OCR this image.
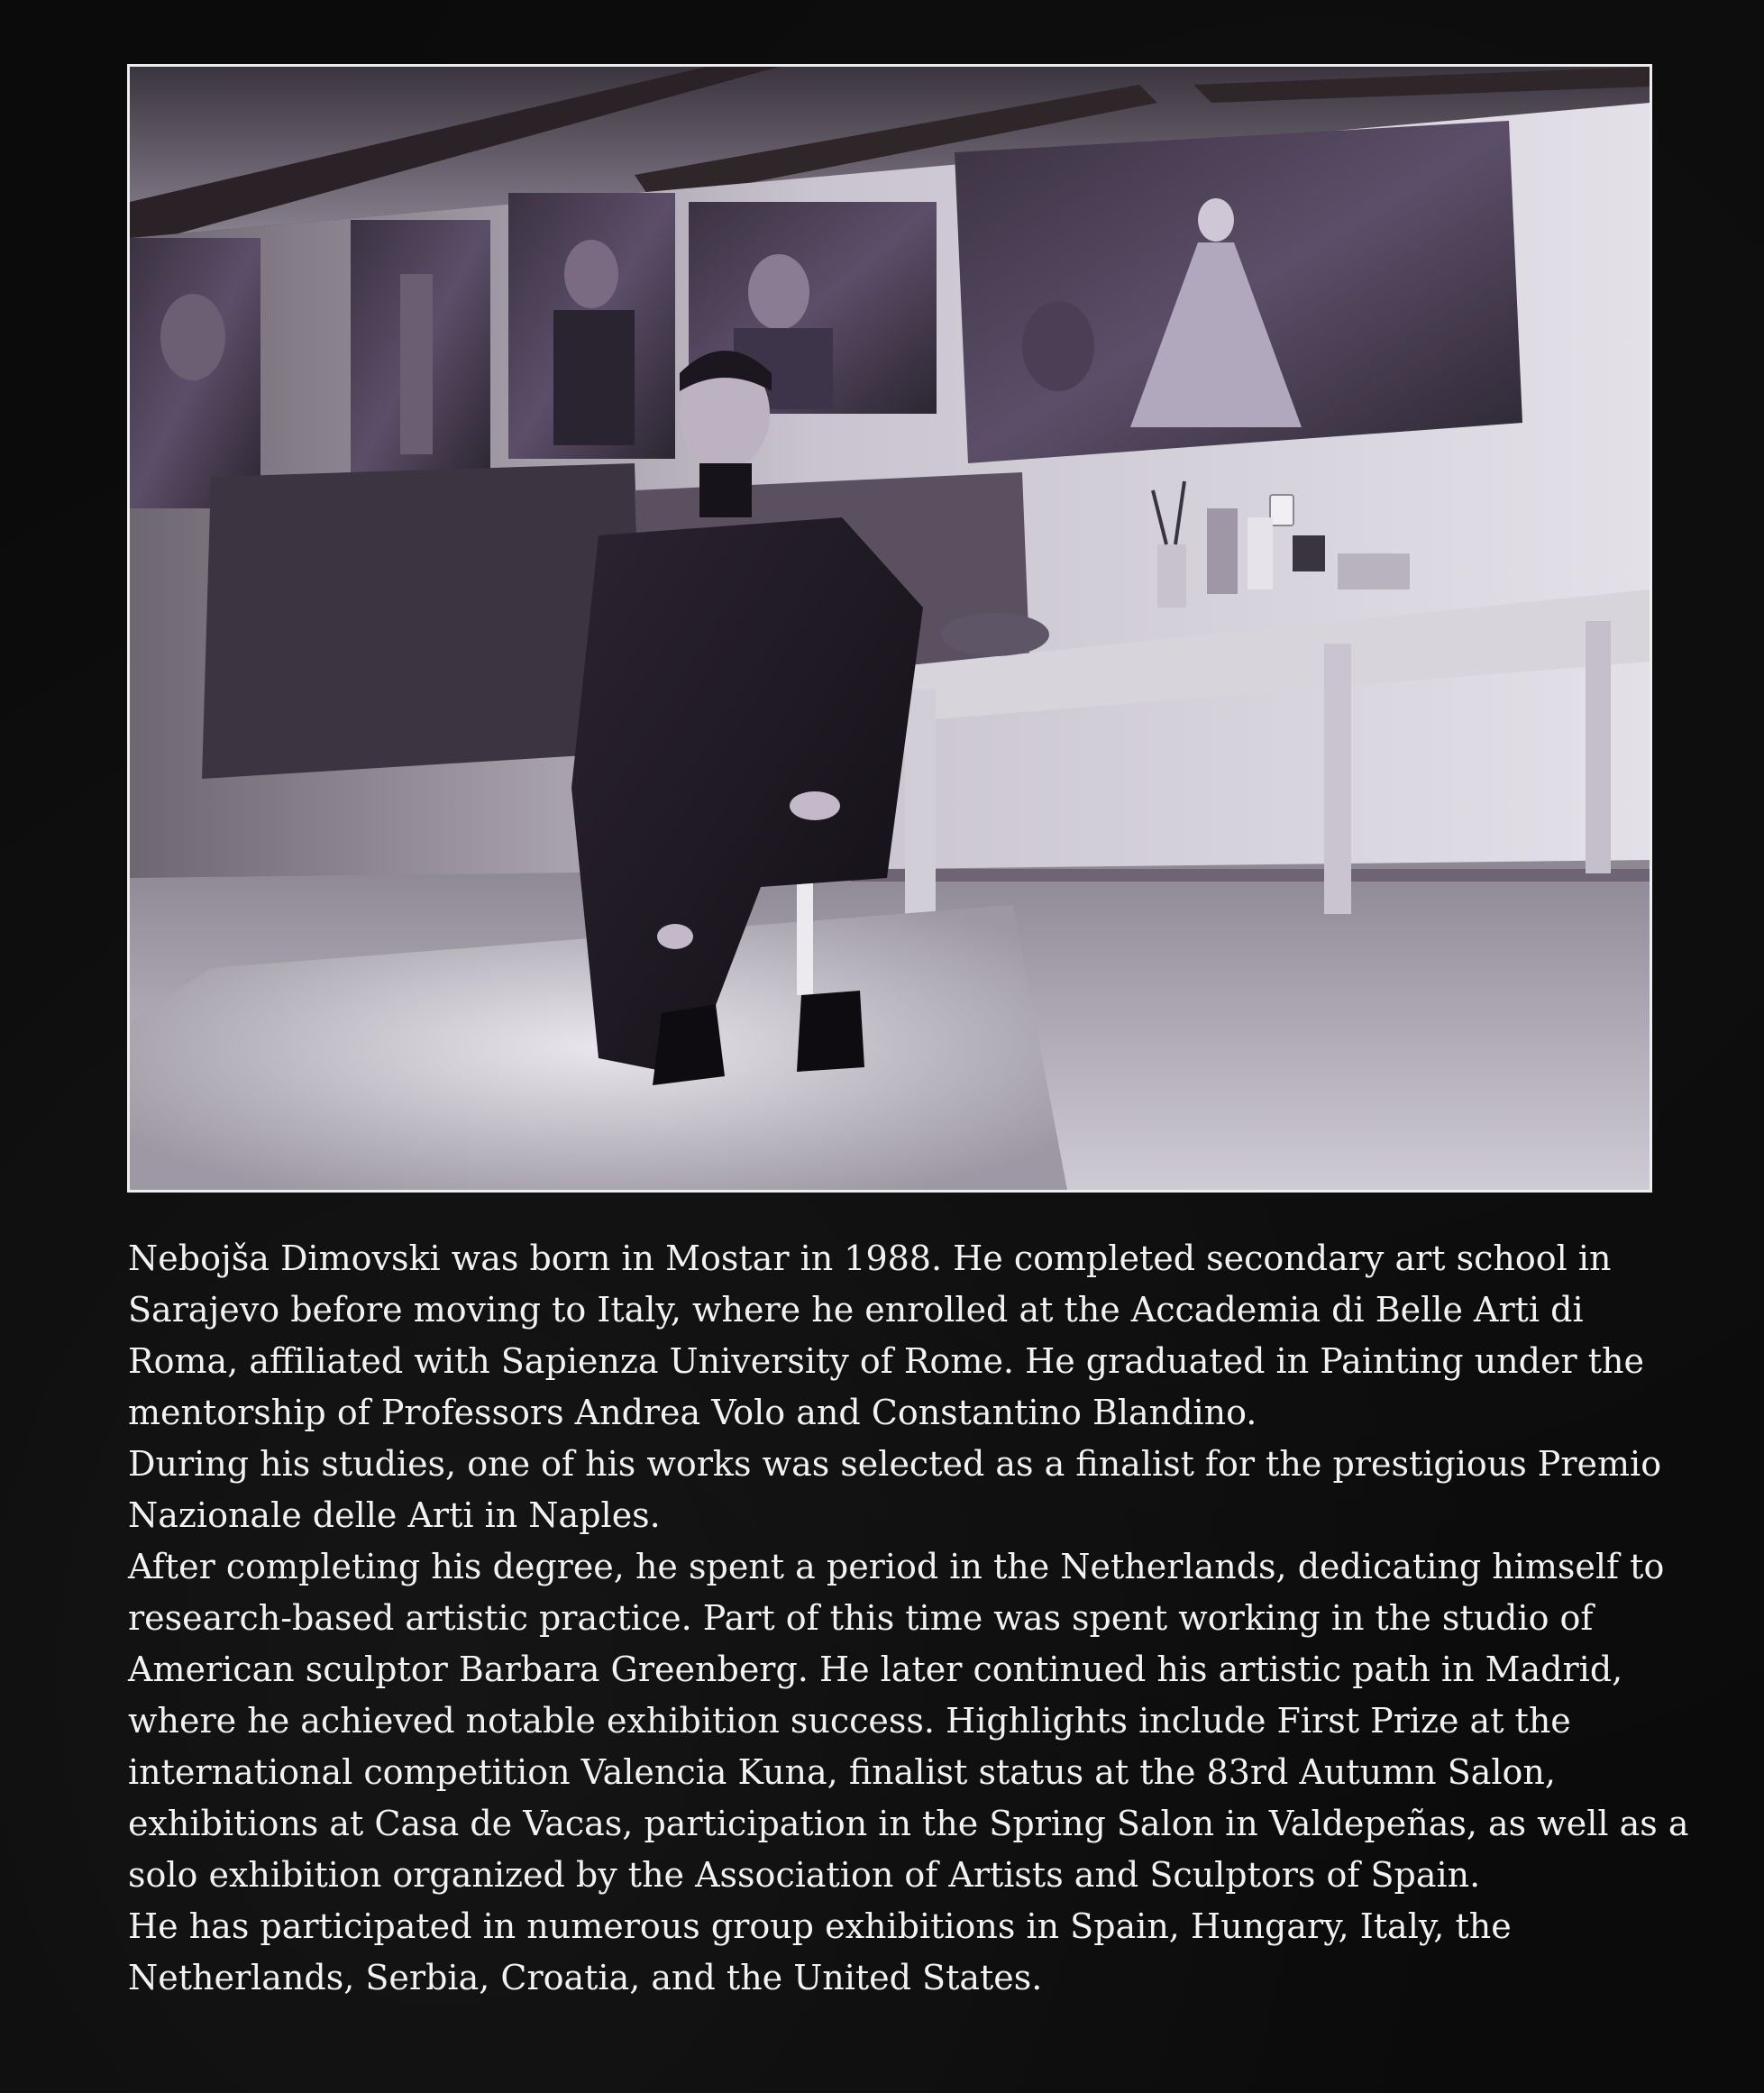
Nebojša Dimovski was born in Mostar in 1988. He completed secondary art school in Sarajevo before moving to Italy, where he enrolled at the Accademia di Belle Arti di Roma, affiliated with Sapienza University of Rome. He graduated in Painting under the mentorship of Professors Andrea Volo and Constantino Blandino.

During his studies, one of his works was selected as a finalist for the prestigious Premio Nazionale delle Arti in Naples.

After completing his degree, he spent a period in the Netherlands, dedicating himself to research-based artistic practice. Part of this time was spent working in the studio of American sculptor Barbara Greenberg. He later continued his artistic path in Madrid, where he achieved notable exhibition success. Highlights include First Prize at the international competition Valencia Kuna, finalist status at the 83rd Autumn Salon, exhibitions at Casa de Vacas, participation in the Spring Salon in Valdepeñas, as well as a solo exhibition organized by the Association of Artists and Sculptors of Spain.

He has participated in numerous group exhibitions in Spain, Hungary, Italy, the Netherlands, Serbia, Croatia, and the United States.
